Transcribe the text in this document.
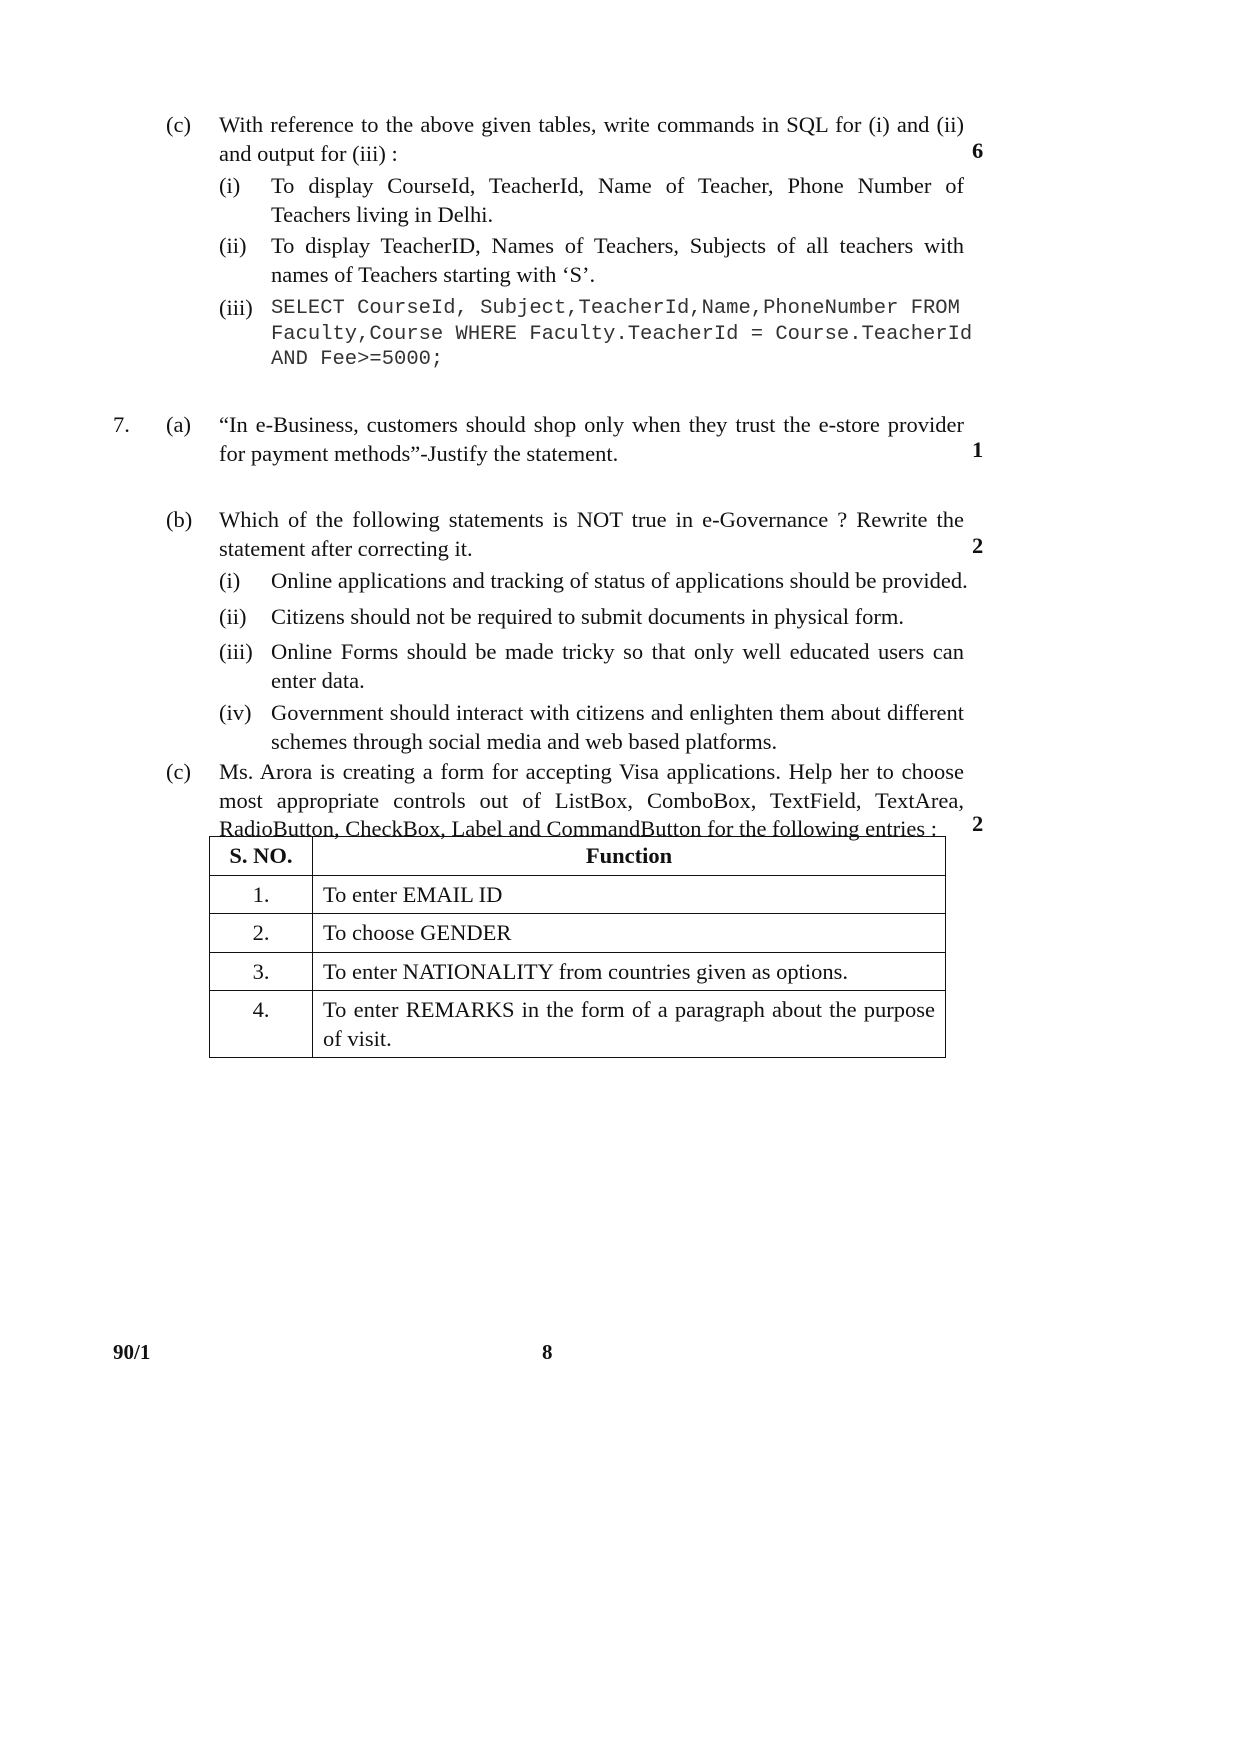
(c) With reference to the above given tables, write commands in SQL for (i) and (ii) and output for (iii) :	6
(i) To display CourseId, TeacherId, Name of Teacher, Phone Number of Teachers living in Delhi.
(ii) To display TeacherID, Names of Teachers, Subjects of all teachers with names of Teachers starting with ‘S’.
(iii) SELECT CourseId, Subject,TeacherId,Name,PhoneNumber FROM
Faculty,Course WHERE Faculty.TeacherId = Course.TeacherId
AND Fee>=5000;
7. (a) “In e-Business, customers should shop only when they trust the e-store provider for payment methods”-Justify the statement.	1
(b) Which of the following statements is NOT true in e-Governance ? Rewrite the statement after correcting it.	2
(i) Online applications and tracking of status of applications should be provided.
(ii) Citizens should not be required to submit documents in physical form.
(iii) Online Forms should be made tricky so that only well educated users can enter data.
(iv) Government should interact with citizens and enlighten them about different schemes through social media and web based platforms.
(c) Ms. Arora is creating a form for accepting Visa applications. Help her to choose most appropriate controls out of ListBox, ComboBox, TextField, TextArea, RadioButton, CheckBox, Label and CommandButton for the following entries :	2
S. NO.	Function
1.	To enter EMAIL ID
2.	To choose GENDER
3.	To enter NATIONALITY from countries given as options.
4.	To enter REMARKS in the form of a paragraph about the purpose of visit.
90/1	8
